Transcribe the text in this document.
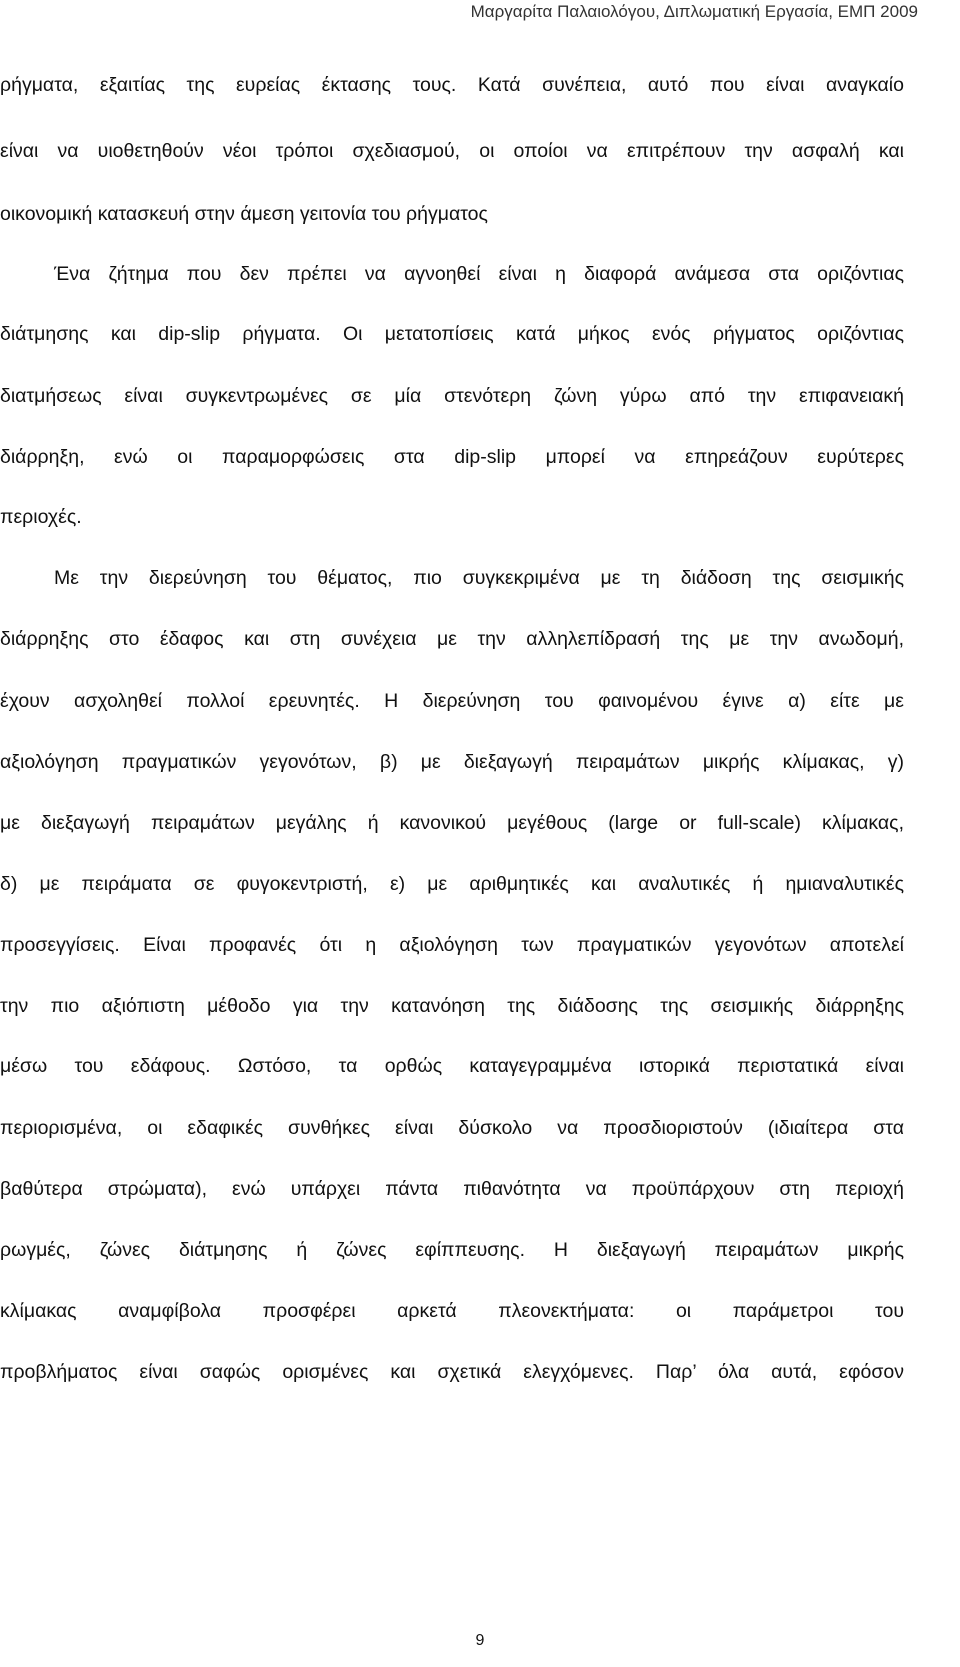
Μαργαρίτα Παλαιολόγου, Διπλωματική Εργασία, ΕΜΠ 2009
ρήγματα, εξαιτίας της ευρείας έκτασης τους. Κατά συνέπεια, αυτό που είναι αναγκαίο
είναι να υιοθετηθούν νέοι τρόποι σχεδιασμού, οι οποίοι να επιτρέπουν την ασφαλή και
οικονομική κατασκευή στην άμεση γειτονία του ρήγματος
Ένα ζήτημα που δεν πρέπει να αγνοηθεί είναι η διαφορά ανάμεσα στα οριζόντιας
διάτμησης και dip-slip ρήγματα. Οι μετατοπίσεις κατά μήκος ενός ρήγματος οριζόντιας
διατμήσεως είναι συγκεντρωμένες σε μία στενότερη ζώνη γύρω από την επιφανειακή
διάρρηξη, ενώ οι παραμορφώσεις στα dip-slip μπορεί να επηρεάζουν ευρύτερες
περιοχές.
Με την διερεύνηση του θέματος, πιο συγκεκριμένα με τη διάδοση της σεισμικής
διάρρηξης στο έδαφος και στη συνέχεια με την αλληλεπίδρασή της με την ανωδομή,
έχουν ασχοληθεί πολλοί ερευνητές. Η διερεύνηση του φαινομένου έγινε α) είτε με
αξιολόγηση πραγματικών γεγονότων, β) με διεξαγωγή πειραμάτων μικρής κλίμακας, γ)
με διεξαγωγή πειραμάτων μεγάλης ή κανονικού μεγέθους (large or full-scale) κλίμακας,
δ) με πειράματα σε φυγοκεντριστή, ε) με αριθμητικές και αναλυτικές ή ημιαναλυτικές
προσεγγίσεις. Είναι προφανές ότι η αξιολόγηση των πραγματικών γεγονότων αποτελεί
την πιο αξιόπιστη μέθοδο για την κατανόηση της διάδοσης της σεισμικής διάρρηξης
μέσω του εδάφους. Ωστόσο, τα ορθώς καταγεγραμμένα ιστορικά περιστατικά είναι
περιορισμένα, οι εδαφικές συνθήκες είναι δύσκολο να προσδιοριστούν (ιδιαίτερα στα
βαθύτερα στρώματα), ενώ υπάρχει πάντα πιθανότητα να προϋπάρχουν στη περιοχή
ρωγμές, ζώνες διάτμησης ή ζώνες εφίππευσης. Η διεξαγωγή πειραμάτων μικρής
κλίμακας αναμφίβολα προσφέρει αρκετά πλεονεκτήματα: οι παράμετροι του
προβλήματος είναι σαφώς ορισμένες και σχετικά ελεγχόμενες. Παρ’ όλα αυτά, εφόσον
9
